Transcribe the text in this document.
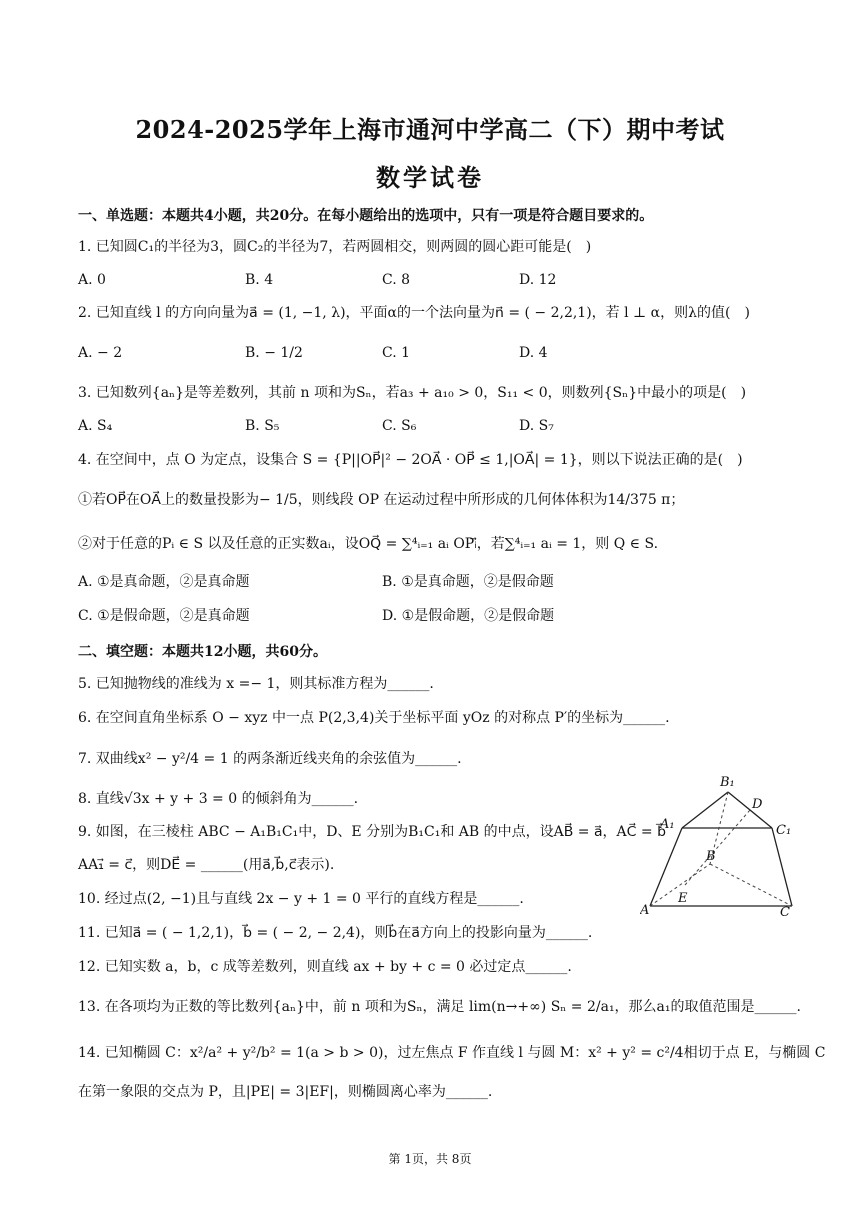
2024-2025学年上海市通河中学高二（下）期中考试
数学试卷
一、单选题：本题共4小题，共20分。在每小题给出的选项中，只有一项是符合题目要求的。
1. 已知圆C₁的半径为3，圆C₂的半径为7，若两圆相交，则两圆的圆心距可能是(　)
A. 0	B. 4	C. 8	D. 12
2. 已知直线 l 的方向向量为a⃗ = (1, −1, λ)，平面α的一个法向量为n⃗ = ( − 2,2,1)，若 l ⊥ α，则λ的值(　)
A. − 2	B. − 1/2	C. 1	D. 4
3. 已知数列{aₙ}是等差数列，其前 n 项和为Sₙ，若a₃ + a₁₀ > 0，S₁₁ < 0，则数列{Sₙ}中最小的项是(　)
A. S₄	B. S₅	C. S₆	D. S₇
4. 在空间中，点 O 为定点，设集合 S = {P||OP⃗|² − 2OA⃗ · OP⃗ ≤ 1,|OA⃗| = 1}，则以下说法正确的是(　)
①若OP⃗在OA⃗上的数量投影为− 1/5，则线段 OP 在运动过程中所形成的几何体体积为14/375 π；
②对于任意的Pᵢ ∈ S 以及任意的正实数aᵢ，设OQ⃗ = ∑⁴ᵢ₌₁ aᵢ OPᵢ⃗，若∑⁴ᵢ₌₁ aᵢ = 1，则 Q ∈ S.
A. ①是真命题，②是真命题	B. ①是真命题，②是假命题
C. ①是假命题，②是真命题	D. ①是假命题，②是假命题
二、填空题：本题共12小题，共60分。
5. 已知抛物线的准线为 x =− 1，则其标准方程为______.
6. 在空间直角坐标系 O − xyz 中一点 P(2,3,4)关于坐标平面 yOz 的对称点 P′的坐标为______.
7. 双曲线x² − y²/4 = 1 的两条渐近线夹角的余弦值为______.
8. 直线√3x + y + 3 = 0 的倾斜角为______.
9. 如图，在三棱柱 ABC − A₁B₁C₁中，D、E 分别为B₁C₁和 AB 的中点，设AB⃗ = a⃗，AC⃗ = b⃗
AA₁⃗ = c⃗，则DE⃗ = ______(用a⃗,b⃗,c⃗表示).
10. 经过点(2, −1)且与直线 2x − y + 1 = 0 平行的直线方程是______.
11. 已知a⃗ = ( − 1,2,1)，b⃗ = ( − 2, − 2,4)，则b⃗在a⃗方向上的投影向量为______.
12. 已知实数 a，b，c 成等差数列，则直线 ax + by + c = 0 必过定点______.
13. 在各项均为正数的等比数列{aₙ}中，前 n 项和为Sₙ，满足 lim(n→+∞) Sₙ = 2/a₁，那么a₁的取值范围是______.
14. 已知椭圆 C：x²/a² + y²/b² = 1(a > b > 0)，过左焦点 F 作直线 l 与圆 M：x² + y² = c²/4相切于点 E，与椭圆 C
在第一象限的交点为 P，且|PE| = 3|EF|，则椭圆离心率为______.
B₁
D
A₁	C₁
B
A
E
C
第 1页，共 8页
